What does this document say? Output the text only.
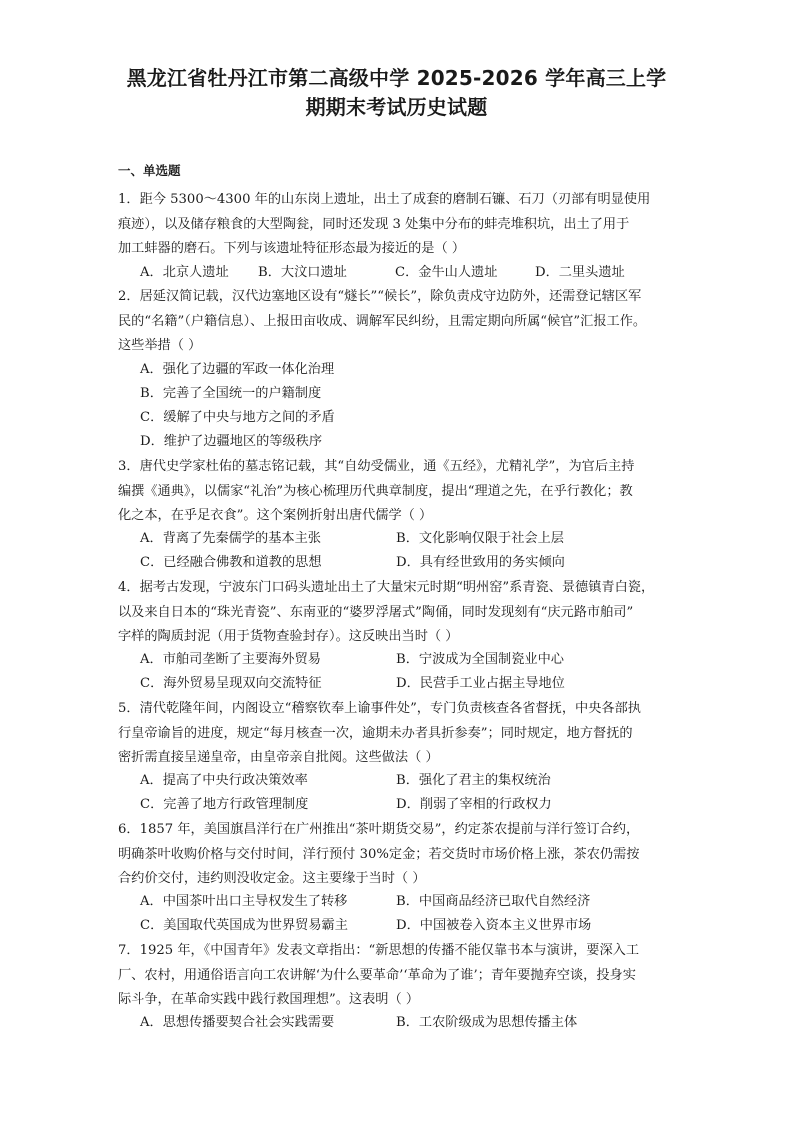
黑龙江省牡丹江市第二高级中学 2025-2026 学年高三上学
期期末考试历史试题
一、单选题
1．距今 5300～4300 年的山东岗上遗址，出土了成套的磨制石镰、石刀（刃部有明显使用
痕迹），以及储存粮食的大型陶瓮，同时还发现 3 处集中分布的蚌壳堆积坑，出土了用于
加工蚌器的磨石。下列与该遗址特征形态最为接近的是（ ）
A．北京人遗址 B．大汶口遗址	C．金牛山人遗址	D．二里头遗址
2．居延汉简记载，汉代边塞地区设有“燧长”“候长”，除负责戍守边防外，还需登记辖区军
民的“名籍”（户籍信息）、上报田亩收成、调解军民纠纷，且需定期向所属“候官”汇报工作。
这些举措（ ）
A．强化了边疆的军政一体化治理
B．完善了全国统一的户籍制度
C．缓解了中央与地方之间的矛盾
D．维护了边疆地区的等级秩序
3．唐代史学家杜佑的墓志铭记载，其“自幼受儒业，通《五经》，尤精礼学”，为官后主持
编撰《通典》，以儒家“礼治”为核心梳理历代典章制度，提出“理道之先，在乎行教化；教
化之本，在乎足衣食”。这个案例折射出唐代儒学（ ）
A．背离了先秦儒学的基本主张	B．文化影响仅限于社会上层
C．已经融合佛教和道教的思想	D．具有经世致用的务实倾向
4．据考古发现，宁波东门口码头遗址出土了大量宋元时期“明州窑”系青瓷、景德镇青白瓷，
以及来自日本的“珠光青瓷”、东南亚的“婆罗浮屠式”陶俑，同时发现刻有“庆元路市舶司”
字样的陶质封泥（用于货物查验封存）。这反映出当时（ ）
A．市舶司垄断了主要海外贸易	B．宁波成为全国制瓷业中心
C．海外贸易呈现双向交流特征	D．民营手工业占据主导地位
5．清代乾隆年间，内阁设立“稽察钦奉上谕事件处”，专门负责核查各省督抚，中央各部执
行皇帝谕旨的进度，规定“每月核查一次，逾期未办者具折参奏”；同时规定，地方督抚的
密折需直接呈递皇帝，由皇帝亲自批阅。这些做法（ ）
A．提高了中央行政决策效率	B．强化了君主的集权统治
C．完善了地方行政管理制度	D．削弱了宰相的行政权力
6．1857 年，美国旗昌洋行在广州推出“茶叶期货交易”，约定茶农提前与洋行签订合约，
明确茶叶收购价格与交付时间，洋行预付 30%定金；若交货时市场价格上涨，茶农仍需按
合约价交付，违约则没收定金。这主要缘于当时（ ）
A．中国茶叶出口主导权发生了转移	B．中国商品经济已取代自然经济
C．美国取代英国成为世界贸易霸主	D．中国被卷入资本主义世界市场
7．1925 年，《中国青年》发表文章指出：“新思想的传播不能仅靠书本与演讲，要深入工
厂、农村，用通俗语言向工农讲解‘为什么要革命’‘革命为了谁’；青年要抛弃空谈，投身实
际斗争，在革命实践中践行救国理想”。这表明（ ）
A．思想传播要契合社会实践需要	B．工农阶级成为思想传播主体
